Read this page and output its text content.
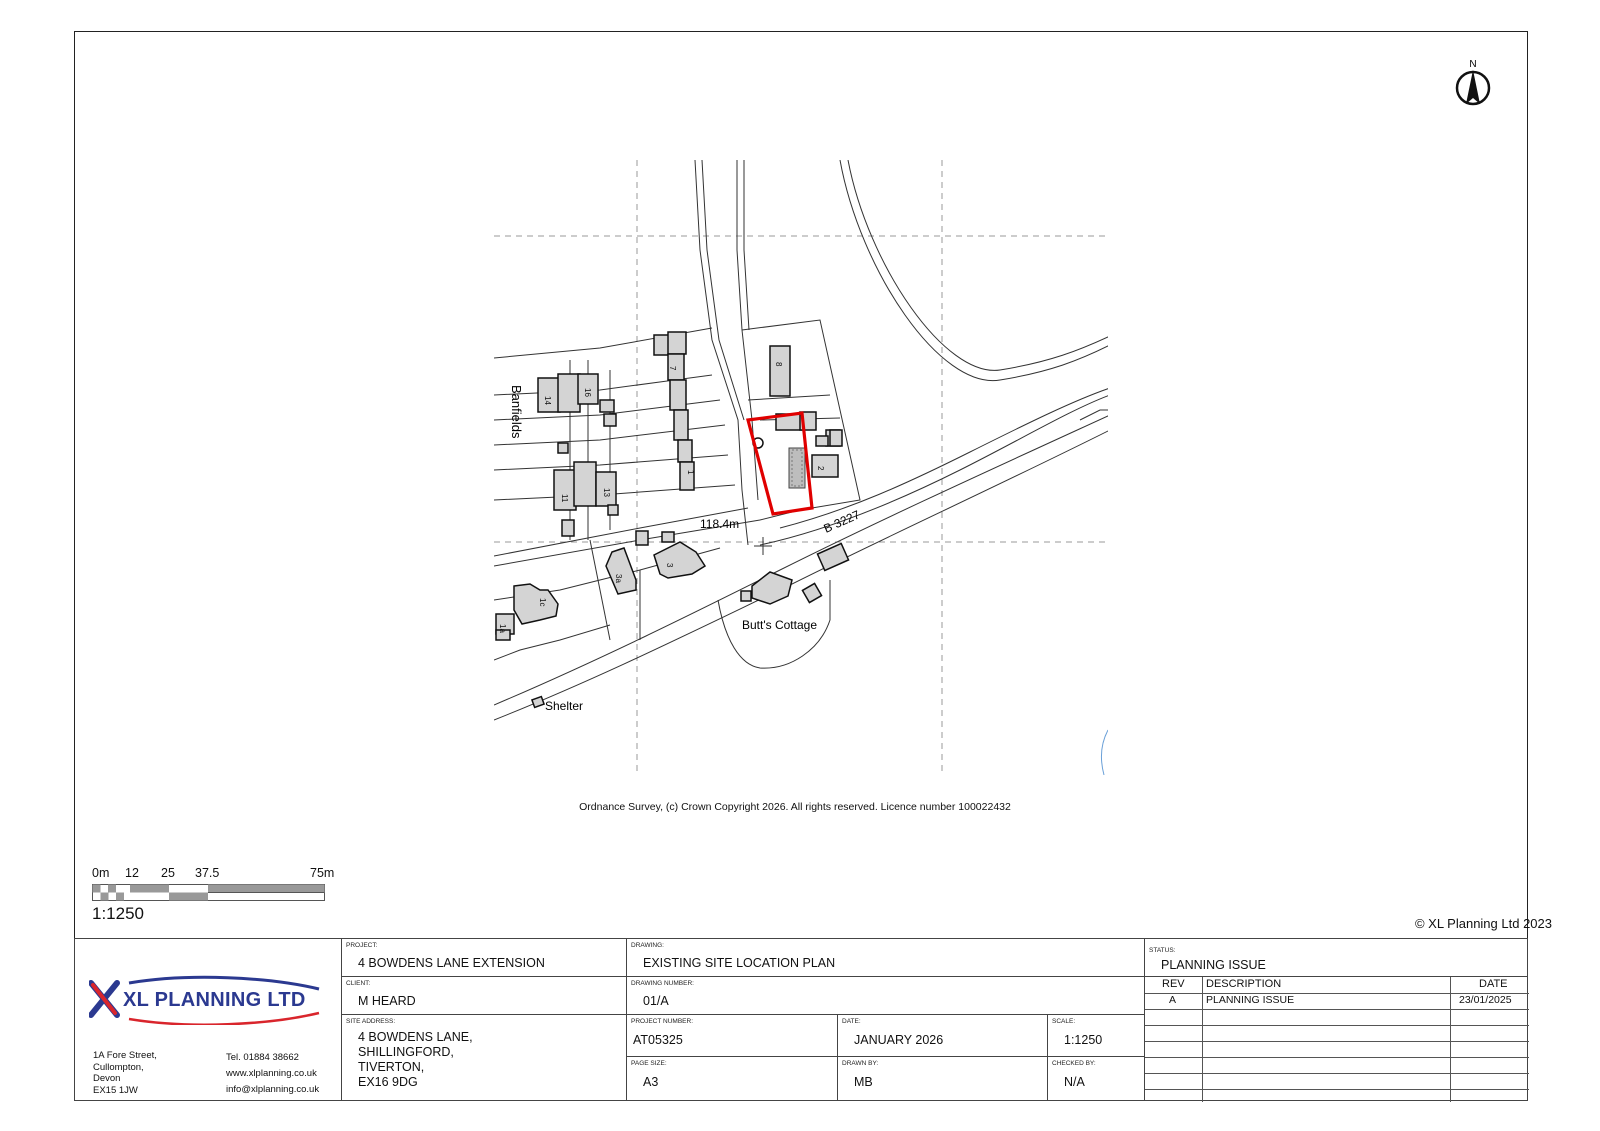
Banfields
B 3227
118.4m
Butt's Cottage
Shelter
7
8
14
16
11
13
1
2
3
3a
1c
1a
N
Ordnance Survey, (c) Crown Copyright 2026. All rights reserved. Licence number 100022432
© XL Planning Ltd 2023
0m 12 25 37.5	75m
1:1250
XL PLANNING LTD
1A Fore Street,
Cullompton,
Devon
EX15 1JW
Tel. 01884 38662
www.xlplanning.co.uk
info@xlplanning.co.uk
PROJECT:
4 BOWDENS LANE EXTENSION
DRAWING:
EXISTING SITE LOCATION PLAN
STATUS:
PLANNING ISSUE
CLIENT:
M HEARD
DRAWING NUMBER:
01/A
SITE ADDRESS:
4 BOWDENS LANE,
SHILLINGFORD,
TIVERTON,
EX16 9DG
PROJECT NUMBER:
AT05325
DATE:
JANUARY 2026
SCALE:
1:1250
PAGE SIZE:
A3
DRAWN BY:
MB
CHECKED BY:
N/A
REV DESCRIPTION	DATE
A	PLANNING ISSUE	23/01/2025
